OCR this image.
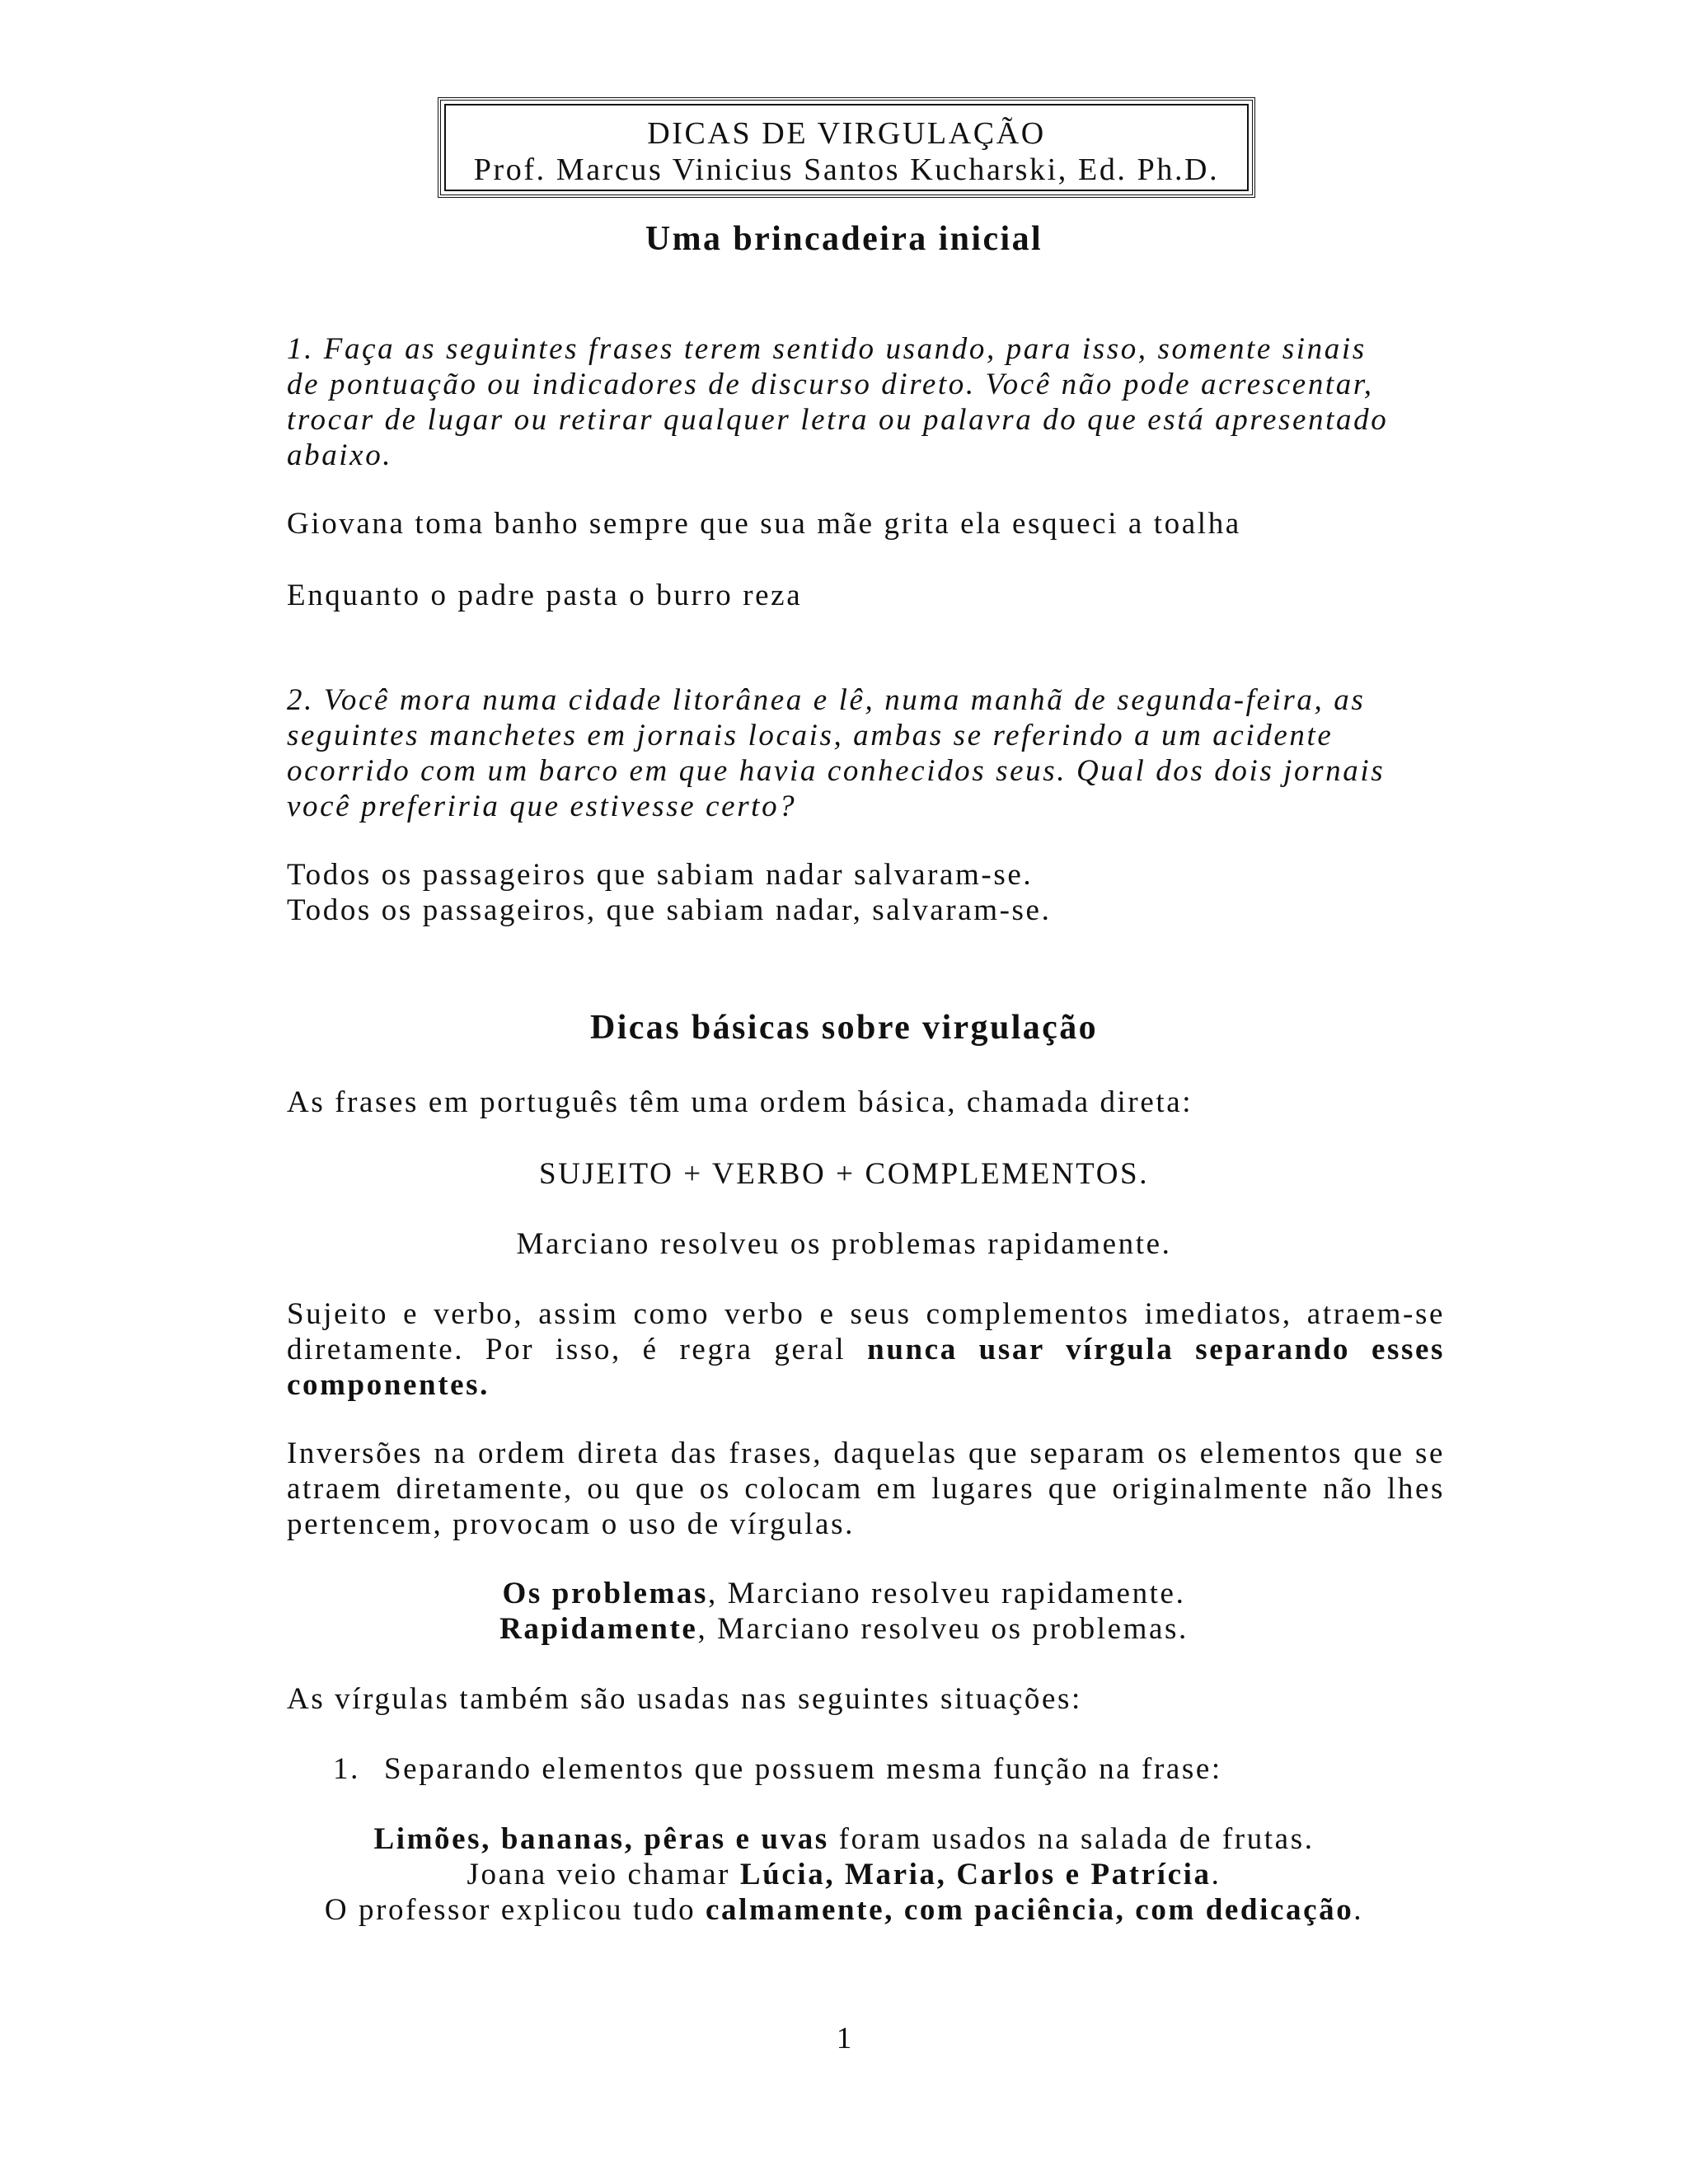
DICAS DE VIRGULAÇÃO
Prof. Marcus Vinicius Santos Kucharski, Ed. Ph.D.
Uma brincadeira inicial
1. Faça as seguintes frases terem sentido usando, para isso, somente sinais
de pontuação ou indicadores de discurso direto. Você não pode acrescentar,
trocar de lugar ou retirar qualquer letra ou palavra do que está apresentado
abaixo.
Giovana toma banho sempre que sua mãe grita ela esqueci a toalha
Enquanto o padre pasta o burro reza
2. Você mora numa cidade litorânea e lê, numa manhã de segunda-feira, as
seguintes manchetes em jornais locais, ambas se referindo a um acidente
ocorrido com um barco em que havia conhecidos seus. Qual dos dois jornais
você preferiria que estivesse certo?
Todos os passageiros que sabiam nadar salvaram-se.
Todos os passageiros, que sabiam nadar, salvaram-se.
Dicas básicas sobre virgulação
As frases em português têm uma ordem básica, chamada direta:
SUJEITO + VERBO + COMPLEMENTOS.
Marciano resolveu os problemas rapidamente.
Sujeito e verbo, assim como verbo e seus complementos imediatos, atraem-se diretamente. Por isso, é regra geral nunca usar vírgula separando esses componentes.
Inversões na ordem direta das frases, daquelas que separam os elementos que se atraem diretamente, ou que os colocam em lugares que originalmente não lhes pertencem, provocam o uso de vírgulas.
Os problemas, Marciano resolveu rapidamente.
Rapidamente, Marciano resolveu os problemas.
As vírgulas também são usadas nas seguintes situações:
1. Separando elementos que possuem mesma função na frase:
Limões, bananas, pêras e uvas foram usados na salada de frutas.
Joana veio chamar Lúcia, Maria, Carlos e Patrícia.
O professor explicou tudo calmamente, com paciência, com dedicação.
1
